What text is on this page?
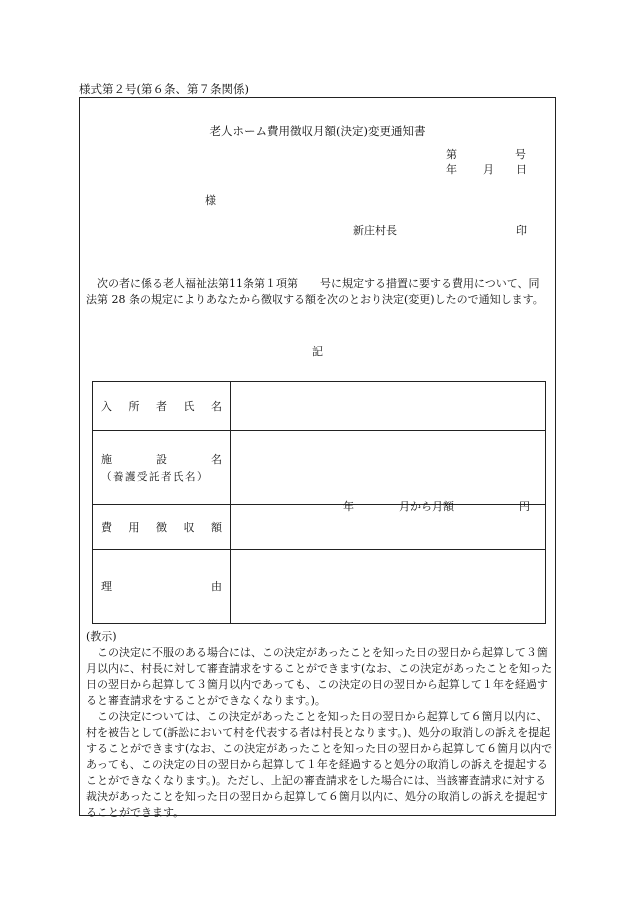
様式第２号(第６条、第７条関係)
老人ホーム費用徴収月額(決定)変更通知書
第	号
年 月 日
様
新庄村長	印
次の者に係る老人福祉法第11条第１項第　　号に規定する措置に要する費用について、同法第 28 条の規定によりあなたから徴収する額を次のとおり決定(変更)したので通知します。
記
入 所 者 氏 名	

施 設 名
（養護受託者氏名）	

費 用 徴 収 額	年 月から月額 円

理 由	

(教示)

この決定に不服のある場合には、この決定があったことを知った日の翌日から起算して３箇月以内に、村長に対して審査請求をすることができます(なお、この決定があったことを知った日の翌日から起算して３箇月以内であっても、この決定の日の翌日から起算して１年を経過すると審査請求をすることができなくなります。)。

この決定については、この決定があったことを知った日の翌日から起算して６箇月以内に、村を被告として(訴訟において村を代表する者は村長となります。)、処分の取消しの訴えを提起することができます(なお、この決定があったことを知った日の翌日から起算して６箇月以内であっても、この決定の日の翌日から起算して１年を経過すると処分の取消しの訴えを提起することができなくなります。)。ただし、上記の審査請求をした場合には、当該審査請求に対する裁決があったことを知った日の翌日から起算して６箇月以内に、処分の取消しの訴えを提起することができます。
